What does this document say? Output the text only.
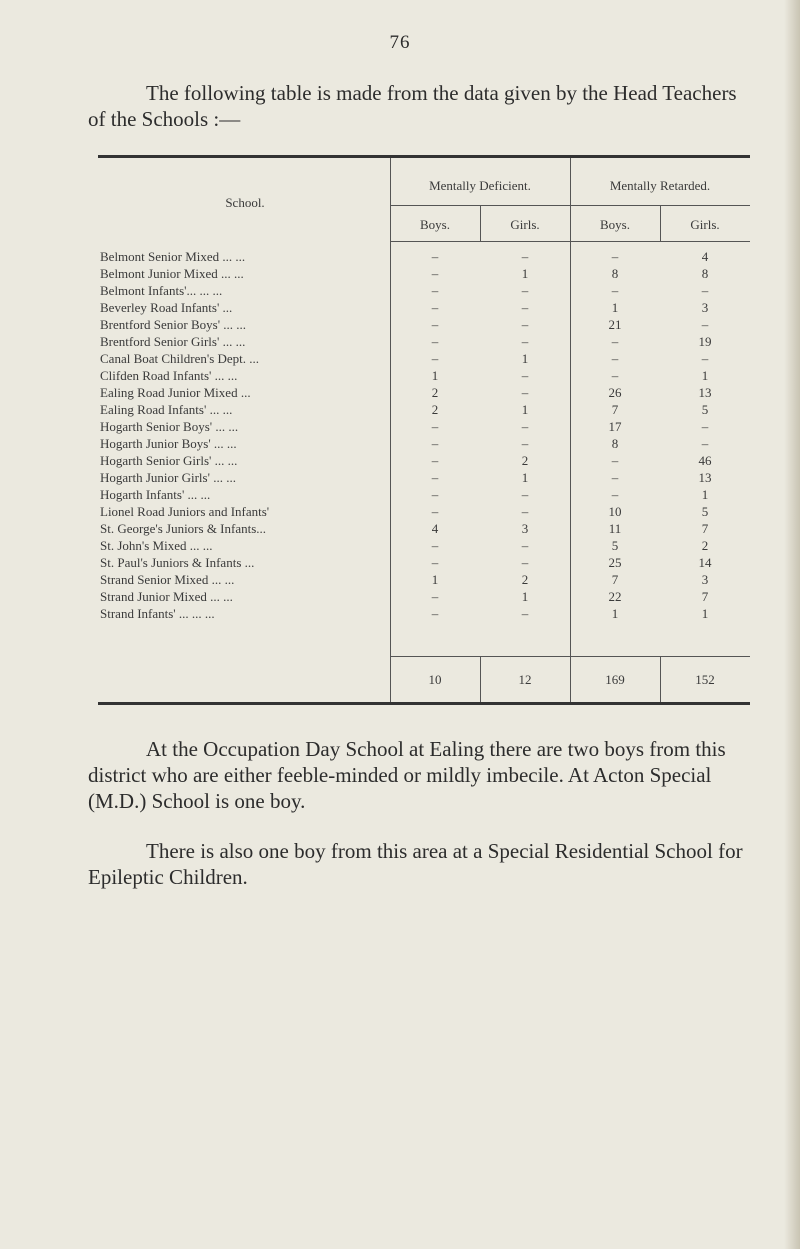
76

The following table is made from the data given by the Head Teachers of the Schools :—

School.
Mentally Deficient.	Mentally Retarded.
Boys.	Girls.	Boys.	Girls.
Belmont Senior Mixed ... ...	–	–	–	4
Belmont Junior Mixed ... ...	–	1	8	8
Belmont Infants'... ... ...	–	–	–	–
Beverley Road Infants' ...	–	–	1	3
Brentford Senior Boys' ... ...	–	–	21	–
Brentford Senior Girls' ... ...	–	–	–	19
Canal Boat Children's Dept. ...	–	1	–	–
Clifden Road Infants' ... ...	1	–	–	1
Ealing Road Junior Mixed ...	2	–	26	13
Ealing Road Infants' ... ...	2	1	7	5
Hogarth Senior Boys' ... ...	–	–	17	–
Hogarth Junior Boys' ... ...	–	–	8	–
Hogarth Senior Girls' ... ...	–	2	–	46
Hogarth Junior Girls' ... ...	–	1	–	13
Hogarth Infants' ... ...	–	–	–	1
Lionel Road Juniors and Infants'	–	–	10	5
St. George's Juniors & Infants...	4	3	11	7
St. John's Mixed ... ...	–	–	5	2
St. Paul's Juniors & Infants ...	–	–	25	14
Strand Senior Mixed ... ...	1	2	7	3
Strand Junior Mixed ... ...	–	1	22	7
Strand Infants' ... ... ...	–	–	1	1
10	12	169	152

At the Occupation Day School at Ealing there are two boys from this district who are either feeble-minded or mildly imbecile. At Acton Special (M.D.) School is one boy.

There is also one boy from this area at a Special Residential School for Epileptic Children.
